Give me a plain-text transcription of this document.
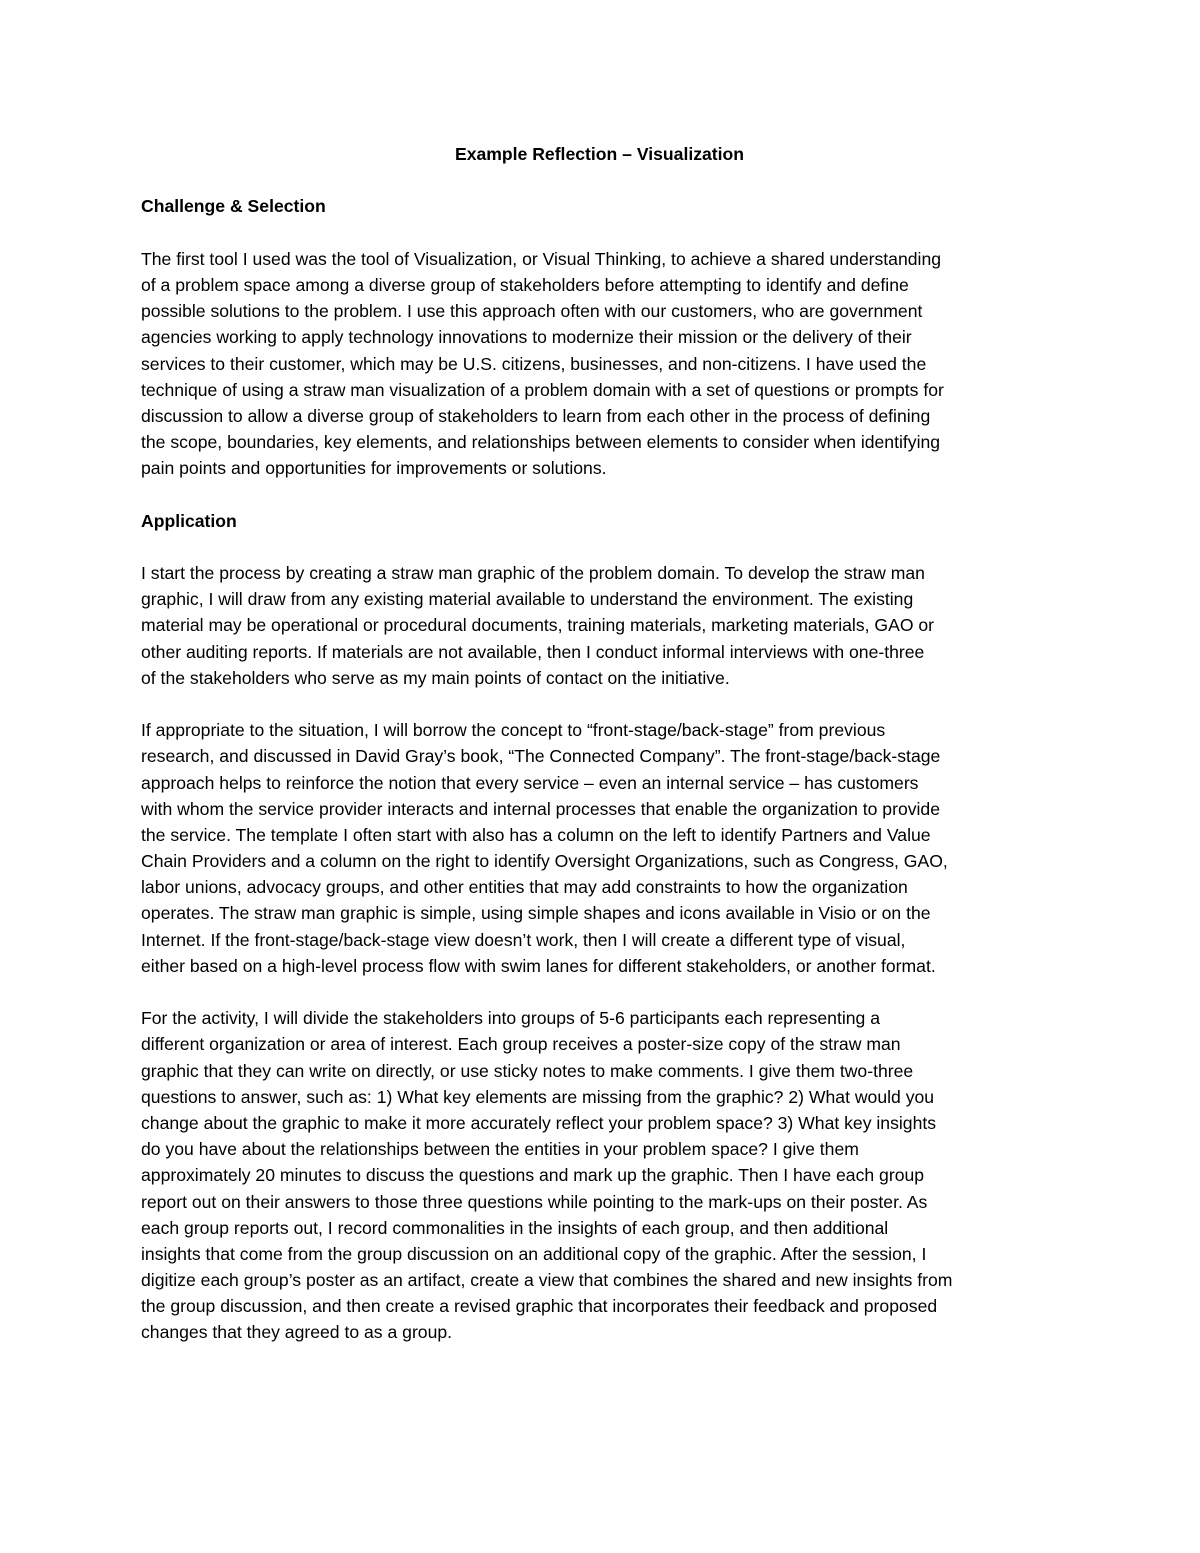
Example Reflection – Visualization
Challenge & Selection
The first tool I used was the tool of Visualization, or Visual Thinking, to achieve a shared understanding
of a problem space among a diverse group of stakeholders before attempting to identify and define
possible solutions to the problem. I use this approach often with our customers, who are government
agencies working to apply technology innovations to modernize their mission or the delivery of their
services to their customer, which may be U.S. citizens, businesses, and non-citizens. I have used the
technique of using a straw man visualization of a problem domain with a set of questions or prompts for
discussion to allow a diverse group of stakeholders to learn from each other in the process of defining
the scope, boundaries, key elements, and relationships between elements to consider when identifying
pain points and opportunities for improvements or solutions.
Application
I start the process by creating a straw man graphic of the problem domain. To develop the straw man
graphic, I will draw from any existing material available to understand the environment. The existing
material may be operational or procedural documents, training materials, marketing materials, GAO or
other auditing reports. If materials are not available, then I conduct informal interviews with one-three
of the stakeholders who serve as my main points of contact on the initiative.
If appropriate to the situation, I will borrow the concept to “front-stage/back-stage” from previous
research, and discussed in David Gray’s book, “The Connected Company”. The front-stage/back-stage
approach helps to reinforce the notion that every service – even an internal service – has customers
with whom the service provider interacts and internal processes that enable the organization to provide
the service. The template I often start with also has a column on the left to identify Partners and Value
Chain Providers and a column on the right to identify Oversight Organizations, such as Congress, GAO,
labor unions, advocacy groups, and other entities that may add constraints to how the organization
operates. The straw man graphic is simple, using simple shapes and icons available in Visio or on the
Internet. If the front-stage/back-stage view doesn’t work, then I will create a different type of visual,
either based on a high-level process flow with swim lanes for different stakeholders, or another format.
For the activity, I will divide the stakeholders into groups of 5-6 participants each representing a
different organization or area of interest. Each group receives a poster-size copy of the straw man
graphic that they can write on directly, or use sticky notes to make comments. I give them two-three
questions to answer, such as: 1) What key elements are missing from the graphic? 2) What would you
change about the graphic to make it more accurately reflect your problem space? 3) What key insights
do you have about the relationships between the entities in your problem space? I give them
approximately 20 minutes to discuss the questions and mark up the graphic. Then I have each group
report out on their answers to those three questions while pointing to the mark-ups on their poster. As
each group reports out, I record commonalities in the insights of each group, and then additional
insights that come from the group discussion on an additional copy of the graphic. After the session, I
digitize each group’s poster as an artifact, create a view that combines the shared and new insights from
the group discussion, and then create a revised graphic that incorporates their feedback and proposed
changes that they agreed to as a group.
